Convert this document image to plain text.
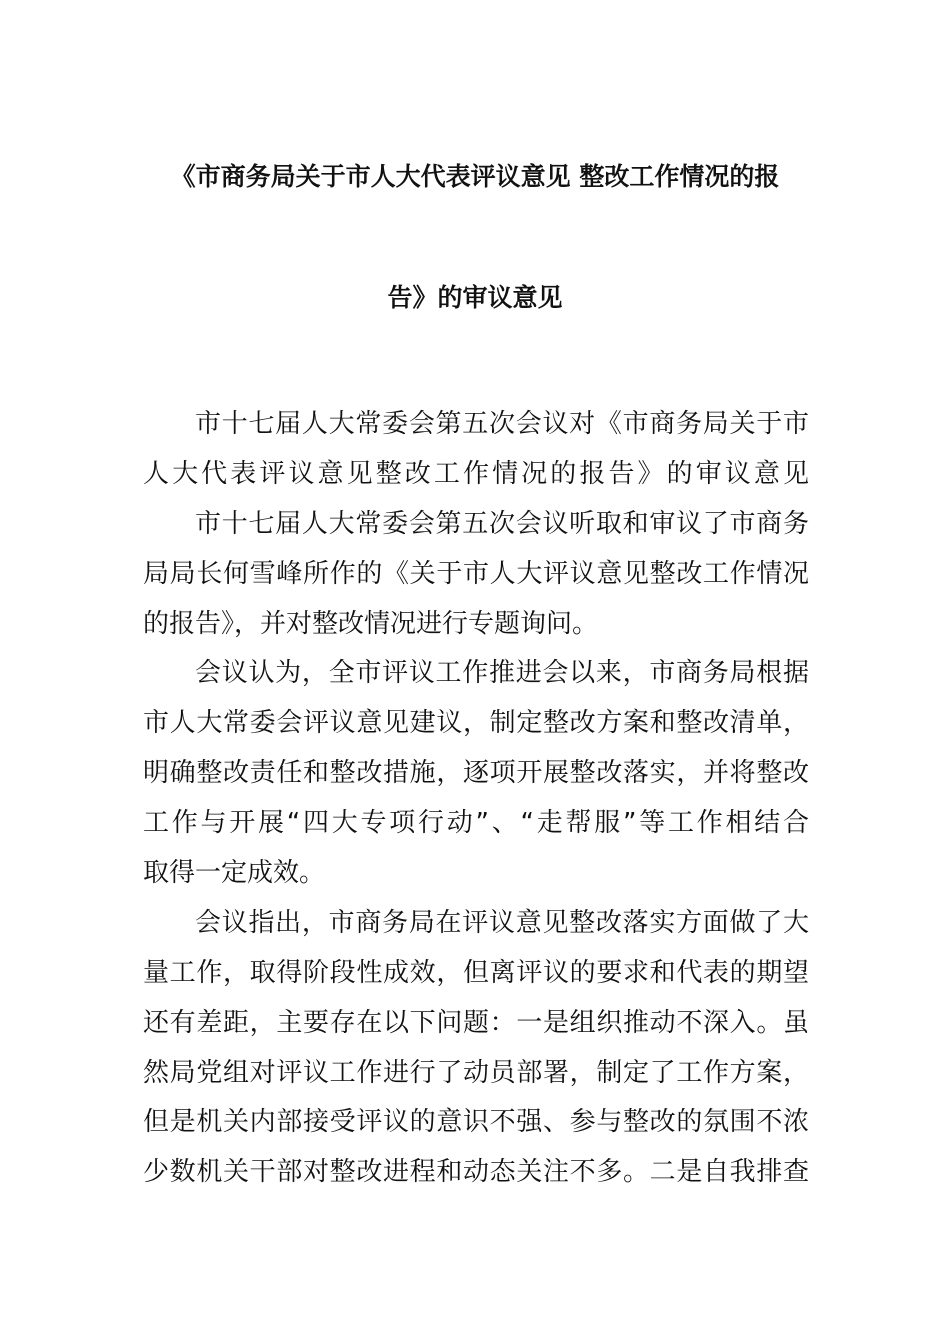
《市商务局关于市人大代表评议意见 整改工作情况的报
告》的审议意见
市十七届人大常委会第五次会议对《市商务局关于市
人大代表评议意见整改工作情况的报告》的审议意见
市十七届人大常委会第五次会议听取和审议了市商务
局局长何雪峰所作的《关于市人大评议意见整改工作情况
的报告》，并对整改情况进行专题询问。
会议认为，全市评议工作推进会以来，市商务局根据
市人大常委会评议意见建议，制定整改方案和整改清单，
明确整改责任和整改措施，逐项开展整改落实，并将整改
工作与开展“四大专项行动”、“走帮服”等工作相结合
取得一定成效。
会议指出，市商务局在评议意见整改落实方面做了大
量工作，取得阶段性成效，但离评议的要求和代表的期望
还有差距，主要存在以下问题：一是组织推动不深入。虽
然局党组对评议工作进行了动员部署，制定了工作方案，
但是机关内部接受评议的意识不强、参与整改的氛围不浓
少数机关干部对整改进程和动态关注不多。二是自我排查
